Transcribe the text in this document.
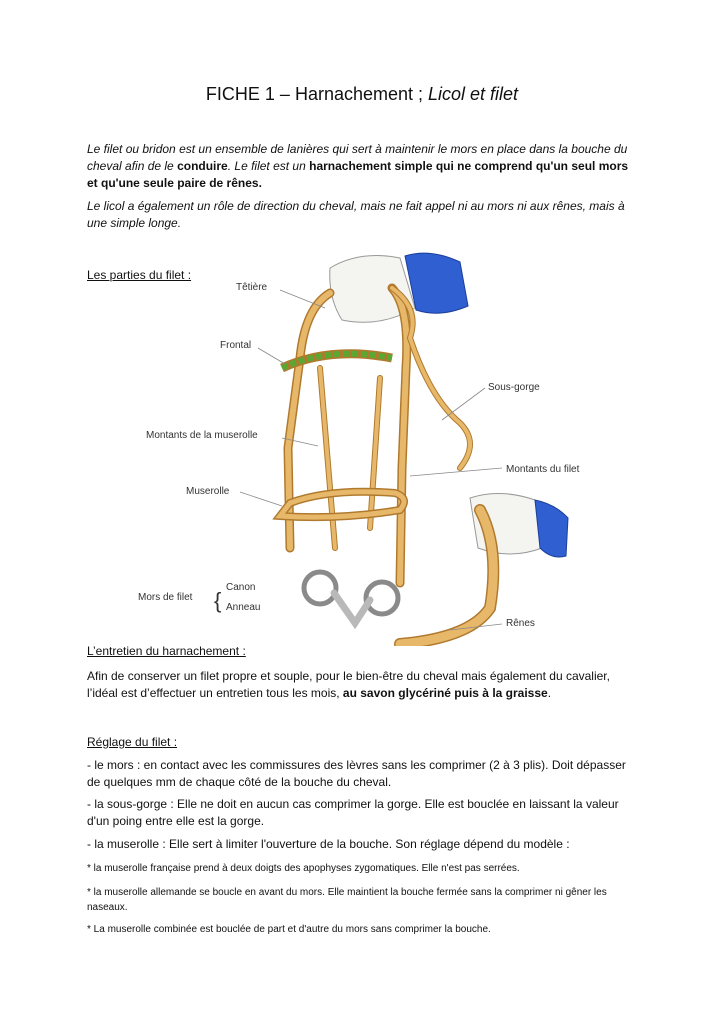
FICHE 1 – Harnachement ; Licol et filet
Le filet ou bridon est un ensemble de lanières qui sert à maintenir le mors en place dans la bouche du cheval afin de le conduire. Le filet est un harnachement simple qui ne comprend qu'un seul mors et qu'une seule paire de rênes.
Le licol a également un rôle de direction du cheval, mais ne fait appel ni au mors ni aux rênes, mais à une simple longe.
Les parties du filet :
Têtière
Frontal
Sous-gorge
Montants de la muserolle
Montants du filet
Muserolle
Mors de filet {
Canon
Anneau
Rênes
L’entretien du harnachement :
Afin de conserver un filet propre et souple, pour le bien-être du cheval mais également du cavalier, l’idéal est d’effectuer un entretien tous les mois, au savon glycériné puis à la graisse.
Réglage du filet :
- le mors : en contact avec les commissures des lèvres sans les comprimer (2 à 3 plis). Doit dépasser de quelques mm de chaque côté de la bouche du cheval.
- la sous-gorge : Elle ne doit en aucun cas comprimer la gorge. Elle est bouclée en laissant la valeur d'un poing entre elle est la gorge.
- la muserolle : Elle sert à limiter l'ouverture de la bouche. Son réglage dépend du modèle :
* la muserolle française prend à deux doigts des apophyses zygomatiques. Elle n'est pas serrées.
* la muserolle allemande se boucle en avant du mors. Elle maintient la bouche fermée sans la comprimer ni gêner les naseaux.
* La muserolle combinée est bouclée de part et d'autre du mors sans comprimer la bouche.
